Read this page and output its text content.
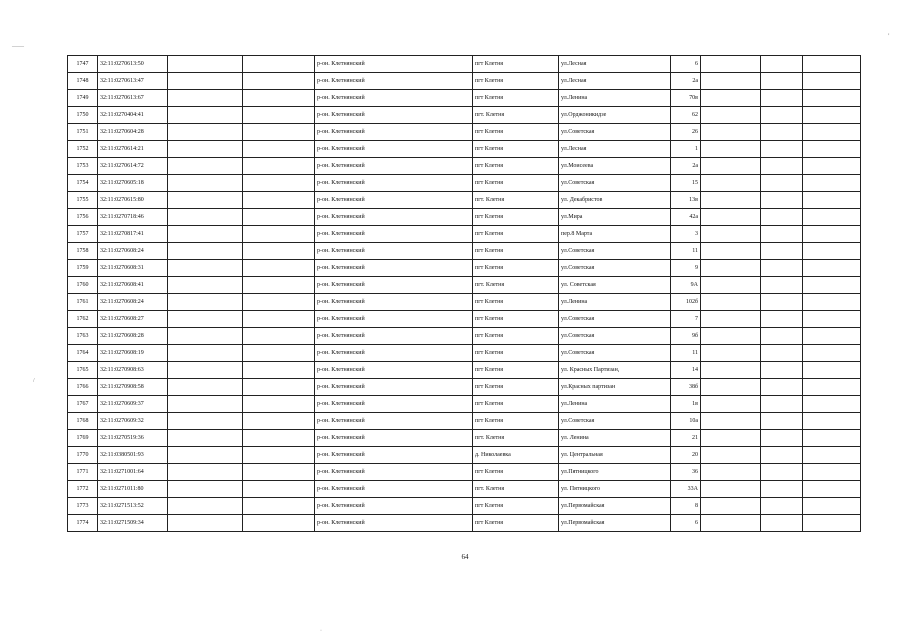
1747	32:11:0270613:50			р-он. Клетнянский	пгт Клетня	ул.Лесная	6			
1748	32:11:0270613:47			р-он. Клетнянский	пгт Клетня	ул.Лесная	2a			
1749	32:11:0270613:67			р-он. Клетнянский	пгт Клетня	ул.Ленина	70в			
1750	32:11:0270404:41			р-он. Клетнянский	пгт. Клетня	ул.Орджоникидзе	62			
1751	32:11:0270604:28			р-он. Клетнянский	пгт Клетня	ул.Советская	26			
1752	32:11:0270614:21			р-он. Клетнянский	пгт Клетня	ул.Лесная	1			
1753	32:11:0270614:72			р-он. Клетнянский	пгт Клетня	ул.Моисеева	2a			
1754	32:11:0270605:18			р-он. Клетнянский	пгт Клетня	ул.Советская	15			
1755	32:11:0270615:80			р-он. Клетнянский	пгт. Клетня	ул. Декабристов	13в			
1756	32:11:0270718:46			р-он. Клетнянский	пгт Клетня	ул.Мира	42a			
1757	32:11:0270817:41			р-он. Клетнянский	пгт Клетня	пер.8 Марта	3			
1758	32:11:0270608:24			р-он. Клетнянский	пгт Клетня	ул.Советская	11			
1759	32:11:0270608:31			р-он. Клетнянский	пгт Клетня	ул.Советская	9			
1760	32:11:0270608:41			р-он. Клетнянский	пгт. Клетня	ул. Советская	9А			
1761	32:11:0270608:24			р-он. Клетнянский	пгт Клетня	ул.Ленина	102б			
1762	32:11:0270608:27			р-он. Клетнянский	пгт Клетня	ул.Советская	7			
1763	32:11:0270608:28			р-он. Клетнянский	пгт Клетня	ул.Советская	9б			
1764	32:11:0270608:19			р-он. Клетнянский	пгт Клетня	ул.Советская	11			
1765	32:11:0270908:63			р-он. Клетнянский	пгт Клетня	ул. Красных Партизан,	14			
1766	32:11:0270908:58			р-он. Клетнянский	пгт Клетня	ул.Красных партизан	38б			
1767	32:11:0270609:37			р-он. Клетнянский	пгт Клетня	ул.Ленина	1в			
1768	32:11:0270609:32			р-он. Клетнянский	пгт Клетня	ул.Советская	10а			
1769	32:11:0270519:36			р-он. Клетнянский	пгт. Клетня	ул. Ленина	21			
1770	32:11:0380501:93			р-он. Клетнянский	д. Николаевка	ул. Центральная	20			
1771	32:11:0271001:64			р-он. Клетнянский	пгт Клетня	ул.Пятницкого	36			
1772	32:11:0271011:80			р-он. Клетнянский	пгт. Клетня	ул. Пятницкого	33А			
1773	32:11:0271513:52			р-он. Клетнянский	пгт Клетня	ул.Первомайская	8			
1774	32:11:0271509:34			р-он. Клетнянский	пгт Клетня	ул.Первомайская	6			
64
,
/
——
·
